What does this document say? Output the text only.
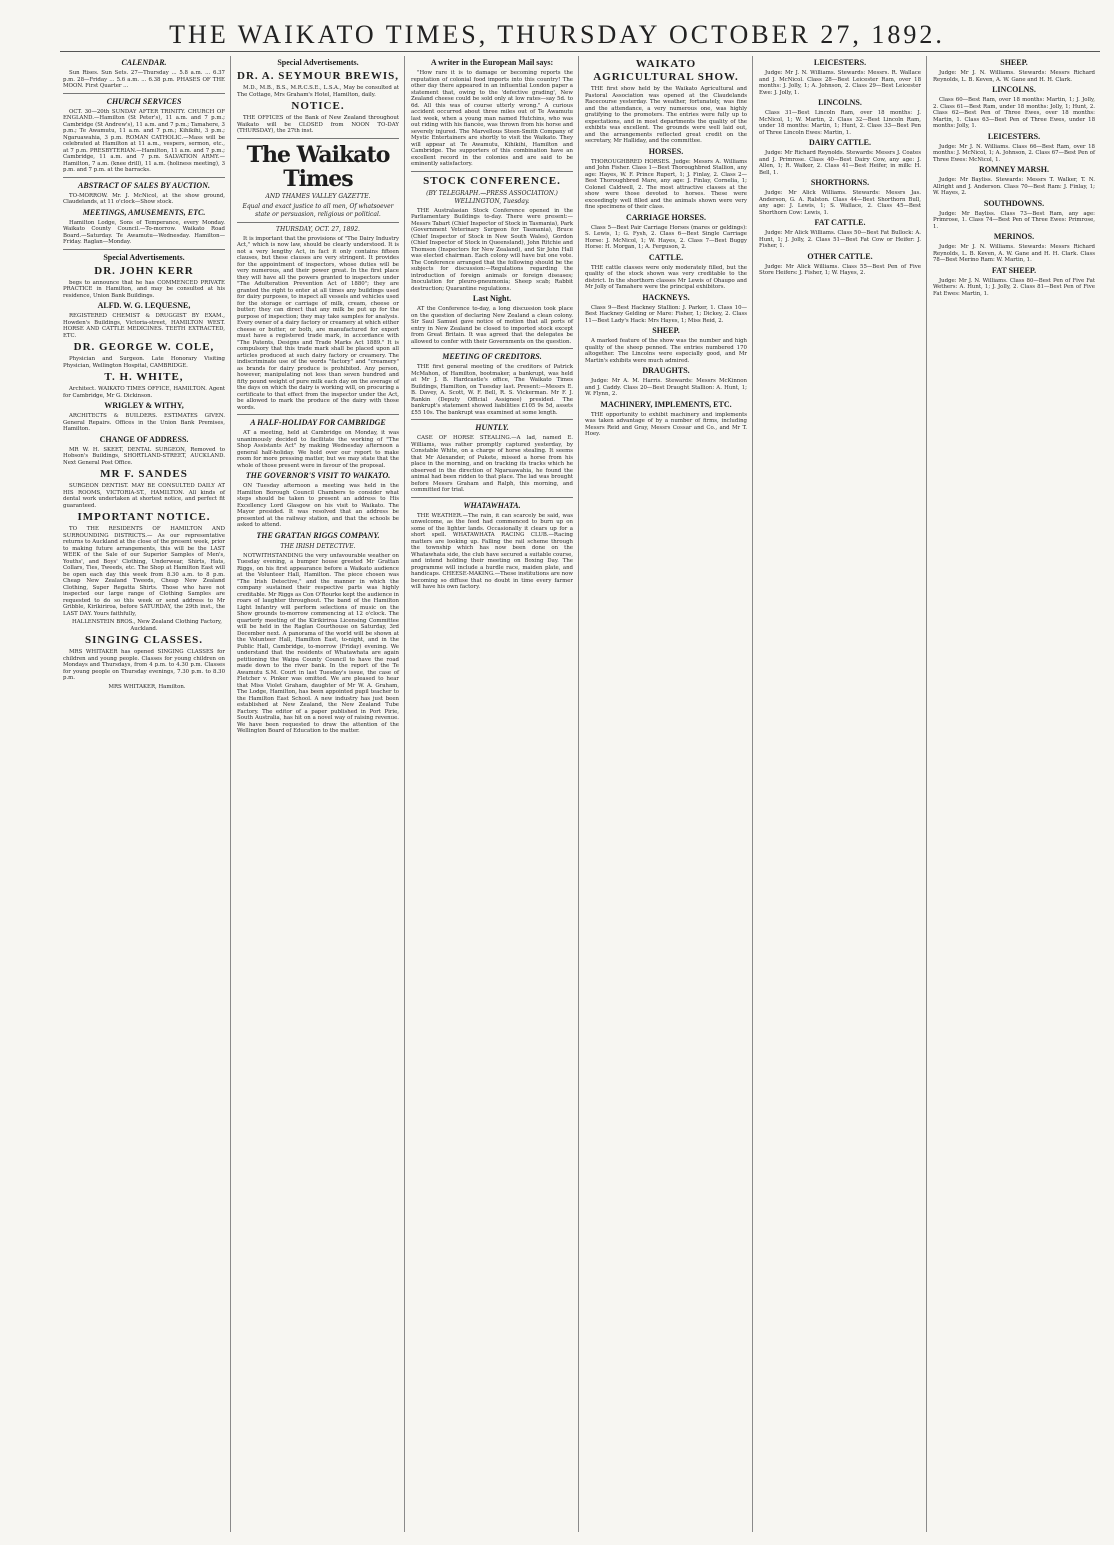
THE WAIKATO TIMES, THURSDAY OCTOBER 27, 1892.
CALENDAR.

Sun Rises. Sun Sets. 27—Thursday ... 5.8 a.m. ... 6.37 p.m. 28—Friday ... 5.6 a.m. ... 6.38 p.m. PHASES OF THE MOON. First Quarter ...

CHURCH SERVICES

OCT. 30—20th SUNDAY AFTER TRINITY. CHURCH OF ENGLAND.—Hamilton (St Peter's), 11 a.m. and 7 p.m.; Cambridge (St Andrew's), 11 a.m. and 7 p.m.; Tamahere, 3 p.m.; Te Awamutu, 11 a.m. and 7 p.m.; Kihikihi, 3 p.m.; Ngaruawahia, 3 p.m. ROMAN CATHOLIC.—Mass will be celebrated at Hamilton at 11 a.m., vespers, sermon, etc., at 7 p.m. PRESBYTERIAN.—Hamilton, 11 a.m. and 7 p.m.; Cambridge, 11 a.m. and 7 p.m. SALVATION ARMY.—Hamilton, 7 a.m. (knee drill), 11 a.m. (holiness meeting), 3 p.m. and 7 p.m. at the barracks.

ABSTRACT OF SALES BY AUCTION.

TO-MORROW. Mr. J. McNicol, at the show ground, Claudelands, at 11 o'clock—Show stock.

MEETINGS, AMUSEMENTS, ETC.

Hamilton Lodge, Sons of Temperance, every Monday. Waikato County Council.—To-morrow. Waikato Road Board.—Saturday. Te Awamutu—Wednesday. Hamilton—Friday. Raglan—Monday.

Special Advertisements.
DR. JOHN KERR

begs to announce that he has COMMENCED PRIVATE PRACTICE in Hamilton, and may be consulted at his residence, Union Bank Buildings.

ALFD. W. G. LEQUESNE,

REGISTERED CHEMIST & DRUGGIST BY EXAM., Howden's Buildings, Victoria-street, HAMILTON WEST. HORSE AND CATTLE MEDICINES. TEETH EXTRACTED, ETC.

DR. GEORGE W. COLE,

Physician and Surgeon. Late Honorary Visiting Physician, Wellington Hospital, CAMBRIDGE.

T. H. WHITE,

Architect. WAIKATO TIMES OFFICE, HAMILTON. Agent for Cambridge, Mr G. Dickinson.

WRIGLEY & WITHY,

ARCHITECTS & BUILDERS. ESTIMATES GIVEN. General Repairs. Offices in the Union Bank Premises, Hamilton.

CHANGE OF ADDRESS.

MR W. H. SKEET, DENTAL SURGEON, Removed to Hobson's Buildings, SHORTLAND-STREET, AUCKLAND. Next General Post Office.

MR F. SANDES

SURGEON DENTIST. MAY BE CONSULTED DAILY AT HIS ROOMS, VICTORIA-ST., HAMILTON. All kinds of dental work undertaken at shortest notice, and perfect fit guaranteed.

IMPORTANT NOTICE.

TO THE RESIDENTS OF HAMILTON AND SURROUNDING DISTRICTS.— As our representative returns to Auckland at the close of the present week, prior to making future arrangements, this will be the LAST WEEK of the Sale of our Superior Samples of Men's, Youths', and Boys' Clothing, Underwear, Shirts, Hats, Collars, Ties, Tweeds, etc. The Shop at Hamilton East will be open each day this week from 8.30 a.m. to 8 p.m. Cheap New Zealand Tweeds, Cheap New Zealand Clothing, Super Regatta Shirts. Those who have not inspected our large range of Clothing Samples are requested to do so this week or send address to Mr Gribble, Kirikiriroa, before SATURDAY, the 29th inst., the LAST DAY. Yours faithfully,

HALLENSTEIN BROS., New Zealand Clothing Factory, Auckland.

SINGING CLASSES.

MRS WHITAKER has opened SINGING CLASSES for children and young people. Classes for young children on Mondays and Thursdays, from 4 p.m. to 4.30 p.m. Classes for young people on Thursday evenings, 7.30 p.m. to 8.30 p.m.

MRS WHITAKER, Hamilton.

Special Advertisements.
DR. A. SEYMOUR BREWIS,

M.D., M.B., B.S., M.R.C.S.E., L.S.A., May be consulted at The Cottage, Mrs Graham's Hotel, Hamilton, daily.

NOTICE.

THE OFFICES of the Bank of New Zealand throughout Waikato will be CLOSED from NOON TO-DAY (THURSDAY), the 27th inst.

The Waikato Times
AND THAMES VALLEY GAZETTE.
Equal and exact justice to all men, Of whatsoever state or persuasion, religious or political.
THURSDAY, OCT. 27, 1892.

It is important that the provisions of "The Dairy Industry Act," which is now law, should be clearly understood. It is not a very lengthy Act, in fact it only contains fifteen clauses, but these clauses are very stringent. It provides for the appointment of inspectors, whose duties will be very numerous, and their power great. In the first place they will have all the powers granted to inspectors under "The Adulteration Prevention Act of 1880"; they are granted the right to enter at all times any buildings used for dairy purposes, to inspect all vessels and vehicles used for the storage or carriage of milk, cream, cheese or butter; they can direct that any milk be put up for the purpose of inspection; they may take samples for analysis. Every owner of a dairy factory or creamery at which either cheese or butter, or both, are manufactured for export must have a registered trade mark, in accordance with "The Patents, Designs and Trade Marks Act 1889." It is compulsory that this trade mark shall be placed upon all articles produced at such dairy factory or creamery. The indiscriminate use of the words "factory" and "creamery" as brands for dairy produce is prohibited. Any person, however, manipulating not less than seven hundred and fifty pound weight of pure milk each day on the average of the days on which the dairy is working will, on procuring a certificate to that effect from the inspector under the Act, be allowed to mark the produce of the dairy with those words.

A HALF-HOLIDAY FOR CAMBRIDGE

AT a meeting, held at Cambridge on Monday, it was unanimously decided to facilitate the working of "The Shop Assistants Act" by making Wednesday afternoon a general half-holiday. We hold over our report to make room for more pressing matter, but we may state that the whole of those present were in favour of the proposal.

THE GOVERNOR'S VISIT TO WAIKATO.

ON Tuesday afternoon a meeting was held in the Hamilton Borough Council Chambers to consider what steps should be taken to present an address to His Excellency Lord Glasgow on his visit to Waikato. The Mayor presided. It was resolved that an address be presented at the railway station, and that the schools be asked to attend.

THE GRATTAN RIGGS COMPANY.
THE IRISH DETECTIVE.

NOTWITHSTANDING the very unfavourable weather on Tuesday evening, a bumper house greeted Mr Grattan Riggs, on his first appearance before a Waikato audience at the Volunteer Hall, Hamilton. The piece chosen was "The Irish Detective," and the manner in which the company sustained their respective parts was highly creditable. Mr Riggs as Con O'Rourke kept the audience in roars of laughter throughout. The band of the Hamilton Light Infantry will perform selections of music on the Show grounds to-morrow commencing at 12 o'clock. The quarterly meeting of the Kirikiriroa Licensing Committee will be held in the Raglan Courthouse on Saturday, 3rd December next. A panorama of the world will be shown at the Volunteer Hall, Hamilton East, to-night, and in the Public Hall, Cambridge, to-morrow (Friday) evening. We understand that the residents of Whatawhata are again petitioning the Waipa County Council to have the road made down to the river bank. In the report of the Te Awamutu S.M. Court in last Tuesday's issue, the case of Fletcher v. Pinker was omitted. We are pleased to hear that Miss Violet Graham, daughter of Mr W. A. Graham, The Lodge, Hamilton, has been appointed pupil teacher to the Hamilton East School. A new industry has just been established at New Zealand, the New Zealand Tube Factory. The editor of a paper published in Port Pirie, South Australia, has hit on a novel way of raising revenue. We have been requested to draw the attention of the Wellington Board of Education to the matter.

A writer in the European Mail says:

"How rare it is to damage or becoming reports the reputation of colonial food imports into this country! The other day there appeared in an influential London paper a statement that, owing to the 'defective grading', New Zealand cheese could be sold only at low rates—say 5d. to 6d. All this was of course utterly wrong." A curious accident occurred about three miles out of Te Awamutu last week, when a young man named Hutchins, who was out riding with his fiancée, was thrown from his horse and severely injured. The Marvellous Steen-Smith Company of Mystic Entertainers are shortly to visit the Waikato. They will appear at Te Awamutu, Kihikihi, Hamilton and Cambridge. The supporters of this combination have an excellent record in the colonies and are said to be eminently satisfactory.

STOCK CONFERENCE.
(BY TELEGRAPH.—PRESS ASSOCIATION.) WELLINGTON, Tuesday.

THE Australasian Stock Conference opened in the Parliamentary Buildings to-day. There were present:—Messrs Tabart (Chief Inspector of Stock in Tasmania), Park (Government Veterinary Surgeon for Tasmania), Bruce (Chief Inspector of Stock in New South Wales), Gordon (Chief Inspector of Stock in Queensland), John Ritchie and Thomson (Inspectors for New Zealand), and Sir John Hall was elected chairman. Each colony will have but one vote. The Conference arranged that the following should be the subjects for discussion:—Regulations regarding the introduction of foreign animals or foreign diseases; Inoculation for pleuro-pneumonia; Sheep scab; Rabbit destruction; Quarantine regulations.

Last Night.

AT the Conference to-day, a long discussion took place on the question of declaring New Zealand a clean colony. Sir Saul Samuel gave notice of motion that all ports of entry in New Zealand be closed to imported stock except from Great Britain. It was agreed that the delegates be allowed to confer with their Governments on the question.

MEETING OF CREDITORS.

THE first general meeting of the creditors of Patrick McMahon, of Hamilton, bootmaker, a bankrupt, was held at Mr J. B. Hardcastle's office, The Waikato Times Buildings, Hamilton, on Tuesday last. Present:—Messrs E. B. Davey, A. Scott, W. F. Bell, R. S. Vickerman. Mr F. J. Rankin (Deputy Official Assignee) presided. The bankrupt's statement showed liabilities £105 9s 5d, assets £55 10s. The bankrupt was examined at some length.

HUNTLY.

CASE OF HORSE STEALING.—A lad, named E. Williams, was rather promptly captured yesterday, by Constable White, on a charge of horse stealing. It seems that Mr Alexander, of Pukete, missed a horse from his place in the morning, and on tracking its tracks which he observed in the direction of Ngaruawahia, he found the animal had been ridden to that place. The lad was brought before Messrs Graham and Ralph, this morning, and committed for trial.

WHATAWHATA.

THE WEATHER.—The rain, it can scarcely be said, was unwelcome, as the feed had commenced to burn up on some of the lighter lands. Occasionally it clears up for a short spell. WHATAWHATA RACING CLUB.—Racing matters are looking up. Falling the rail scheme through the township which has now been done on the Whatawhata side, the club have secured a suitable course, and intend holding their meeting on Boxing Day. The programme will include a hurdle race, maiden plate, and handicaps. CHEESE-MAKING.—These institutions are now becoming so diffuse that no doubt in time every farmer will have his own factory.

WAIKATO AGRICULTURAL SHOW.

THE first show held by the Waikato Agricultural and Pastoral Association was opened at the Claudelands Racecourse yesterday. The weather, fortunately, was fine and the attendance, a very numerous one, was highly gratifying to the promoters. The entries were fully up to expectations, and in most departments the quality of the exhibits was excellent. The grounds were well laid out, and the arrangements reflected great credit on the secretary, Mr Halliday, and the committee.

HORSES.

THOROUGHBRED HORSES. Judge: Messrs A. Williams and John Fisher. Class 1—Best Thoroughbred Stallion, any age: Hayes, W. F. Prince Rupert, 1; J. Finlay, 2. Class 2—Best Thoroughbred Mare, any age: J. Finlay, Cornelia, 1; Colonel Caldwell, 2. The most attractive classes at the show were those devoted to horses. These were exceedingly well filled and the animals shown were very fine specimens of their class.

CARRIAGE HORSES.

Class 5—Best Pair Carriage Horses (mares or geldings): S. Lewis, 1; G. Fysh, 2. Class 6—Best Single Carriage Horse: J. McNicol, 1; W. Hayes, 2. Class 7—Best Buggy Horse: H. Morgan, 1; A. Ferguson, 2.

CATTLE.

THE cattle classes were only moderately filled, but the quality of the stock shown was very creditable to the district. In the shorthorn classes Mr Lewis of Ohaupo and Mr Jolly of Tamahere were the principal exhibitors.

HACKNEYS.

Class 9—Best Hackney Stallion: J. Parker, 1. Class 10—Best Hackney Gelding or Mare: Fisher, 1; Dickey, 2. Class 11—Best Lady's Hack: Mrs Hayes, 1; Miss Reid, 2.

SHEEP.

A marked feature of the show was the number and high quality of the sheep penned. The entries numbered 170 altogether. The Lincolns were especially good, and Mr Martin's exhibits were much admired.

DRAUGHTS.

Judge: Mr A. M. Harris. Stewards: Messrs McKinnon and J. Caddy. Class 20—Best Draught Stallion: A. Hunt, 1; W. Flynn, 2.

MACHINERY, IMPLEMENTS, ETC.

THE opportunity to exhibit machinery and implements was taken advantage of by a number of firms, including Messrs Reid and Gray, Messrs Cossar and Co., and Mr T. Hoey.

LEICESTERS.

Judge: Mr J. N. Williams. Stewards: Messrs. R. Wallace and J. McNicol. Class 28—Best Leicester Ram, over 18 months: J. Jolly, 1; A. Johnson, 2. Class 29—Best Leicester Ewe: J. Jolly, 1.

LINCOLNS.

Class 31—Best Lincoln Ram, over 18 months: J. McNicol, 1; W. Martin, 2. Class 32—Best Lincoln Ram, under 18 months: Martin, 1; Hunt, 2. Class 33—Best Pen of Three Lincoln Ewes: Martin, 1.

DAIRY CATTLE.

Judge: Mr Richard Reynolds. Stewards: Messrs J. Coates and J. Primrose. Class 40—Best Dairy Cow, any age: J. Allen, 1; R. Walker, 2. Class 41—Best Heifer, in milk: H. Bell, 1.

SHORTHORNS.

Judge: Mr Alick Williams. Stewards: Messrs Jas. Anderson, G. A. Ralston. Class 44—Best Shorthorn Bull, any age: J. Lewis, 1; S. Wallace, 2. Class 45—Best Shorthorn Cow: Lewis, 1.

FAT CATTLE.

Judge: Mr Alick Williams. Class 50—Best Fat Bullock: A. Hunt, 1; J. Jolly, 2. Class 51—Best Fat Cow or Heifer: J. Fisher, 1.

OTHER CATTLE.

Judge: Mr Alick Williams. Class 55—Best Pen of Five Store Heifers: J. Fisher, 1; W. Hayes, 2.

SHEEP.

Judge: Mr J. N. Williams. Stewards: Messrs Richard Reynolds, L. B. Keven, A. W. Gane and H. H. Clark.

LINCOLNS.

Class 60—Best Ram, over 18 months: Martin, 1; J. Jolly, 2. Class 61—Best Ram, under 18 months: Jolly, 1; Hunt, 2. Class 62—Best Pen of Three Ewes, over 18 months: Martin, 1. Class 63—Best Pen of Three Ewes, under 18 months: Jolly, 1.

LEICESTERS.

Judge: Mr J. N. Williams. Class 66—Best Ram, over 18 months: J. McNicol, 1; A. Johnson, 2. Class 67—Best Pen of Three Ewes: McNicol, 1.

ROMNEY MARSH.

Judge: Mr Bayliss. Stewards: Messrs T. Walker, T. N. Allright and J. Anderson. Class 70—Best Ram: J. Finlay, 1; W. Hayes, 2.

SOUTHDOWNS.

Judge: Mr Bayliss. Class 73—Best Ram, any age: Primrose, 1. Class 74—Best Pen of Three Ewes: Primrose, 1.

MERINOS.

Judge: Mr J. N. Williams. Stewards: Messrs Richard Reynolds, L. B. Keven, A. W. Gane and H. H. Clark. Class 78—Best Merino Ram: W. Martin, 1.

FAT SHEEP.

Judge: Mr J. N. Williams. Class 80—Best Pen of Five Fat Wethers: A. Hunt, 1; J. Jolly, 2. Class 81—Best Pen of Five Fat Ewes: Martin, 1.
